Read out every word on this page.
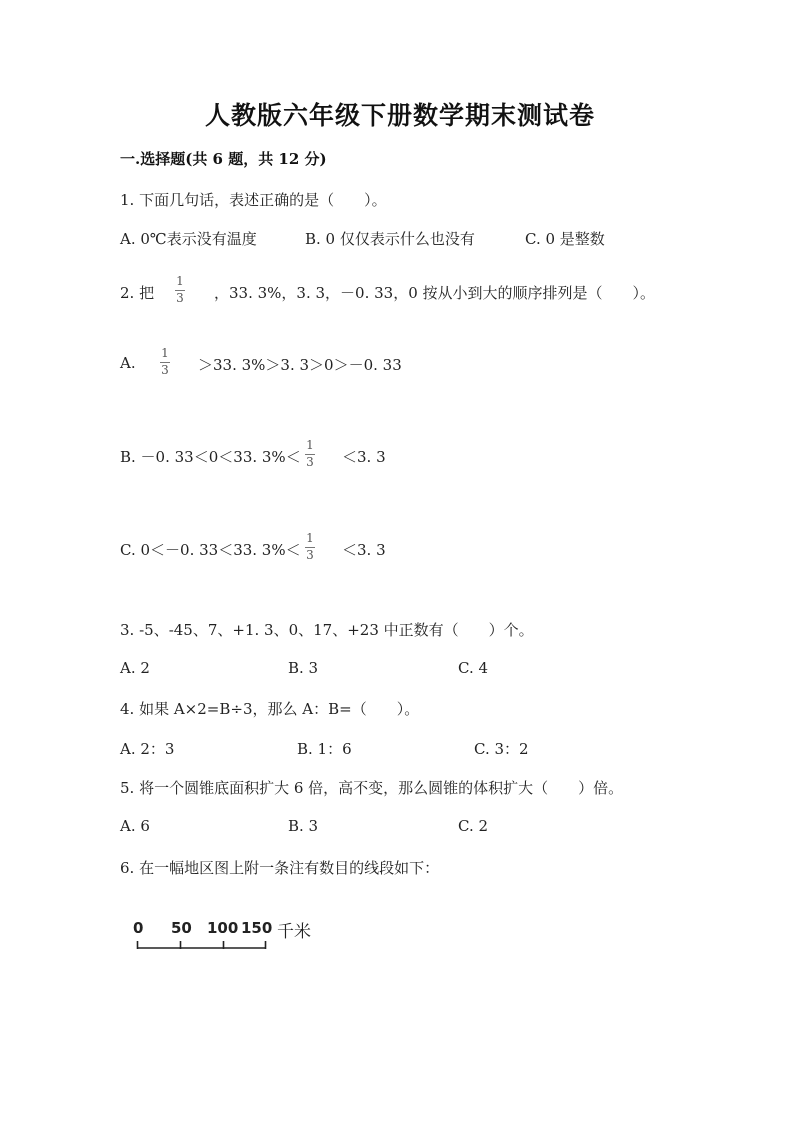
人教版六年级下册数学期末测试卷
一.选择题(共 6 题，共 12 分)
1. 下面几句话，表述正确的是（　　）。
A. 0℃表示没有温度	B. 0 仅仅表示什么也没有	C. 0 是整数
2. 把
1
3 ，33. 3%，3. 3，－0. 33，0 按从小到大的顺序排列是（　　）。
A.
1
3 ＞33. 3%＞3. 3＞0＞－0. 33
B. －0. 33＜0＜33. 3%＜
1
3 ＜3. 3
C. 0＜－0. 33＜33. 3%＜
1
3 ＜3. 3
3. -5、-45、7、+1. 3、0、17、+23 中正数有（　　）个。
A. 2	B. 3	C. 4
4. 如果 A×2=B÷3，那么 A：B=（　　）。
A. 2：3	B. 1：6	C. 3：2
5. 将一个圆锥底面积扩大 6 倍，高不变，那么圆锥的体积扩大（　　）倍。
A. 6	B. 3	C. 2
6. 在一幅地区图上附一条注有数目的线段如下：
0 50 100 150 千米
